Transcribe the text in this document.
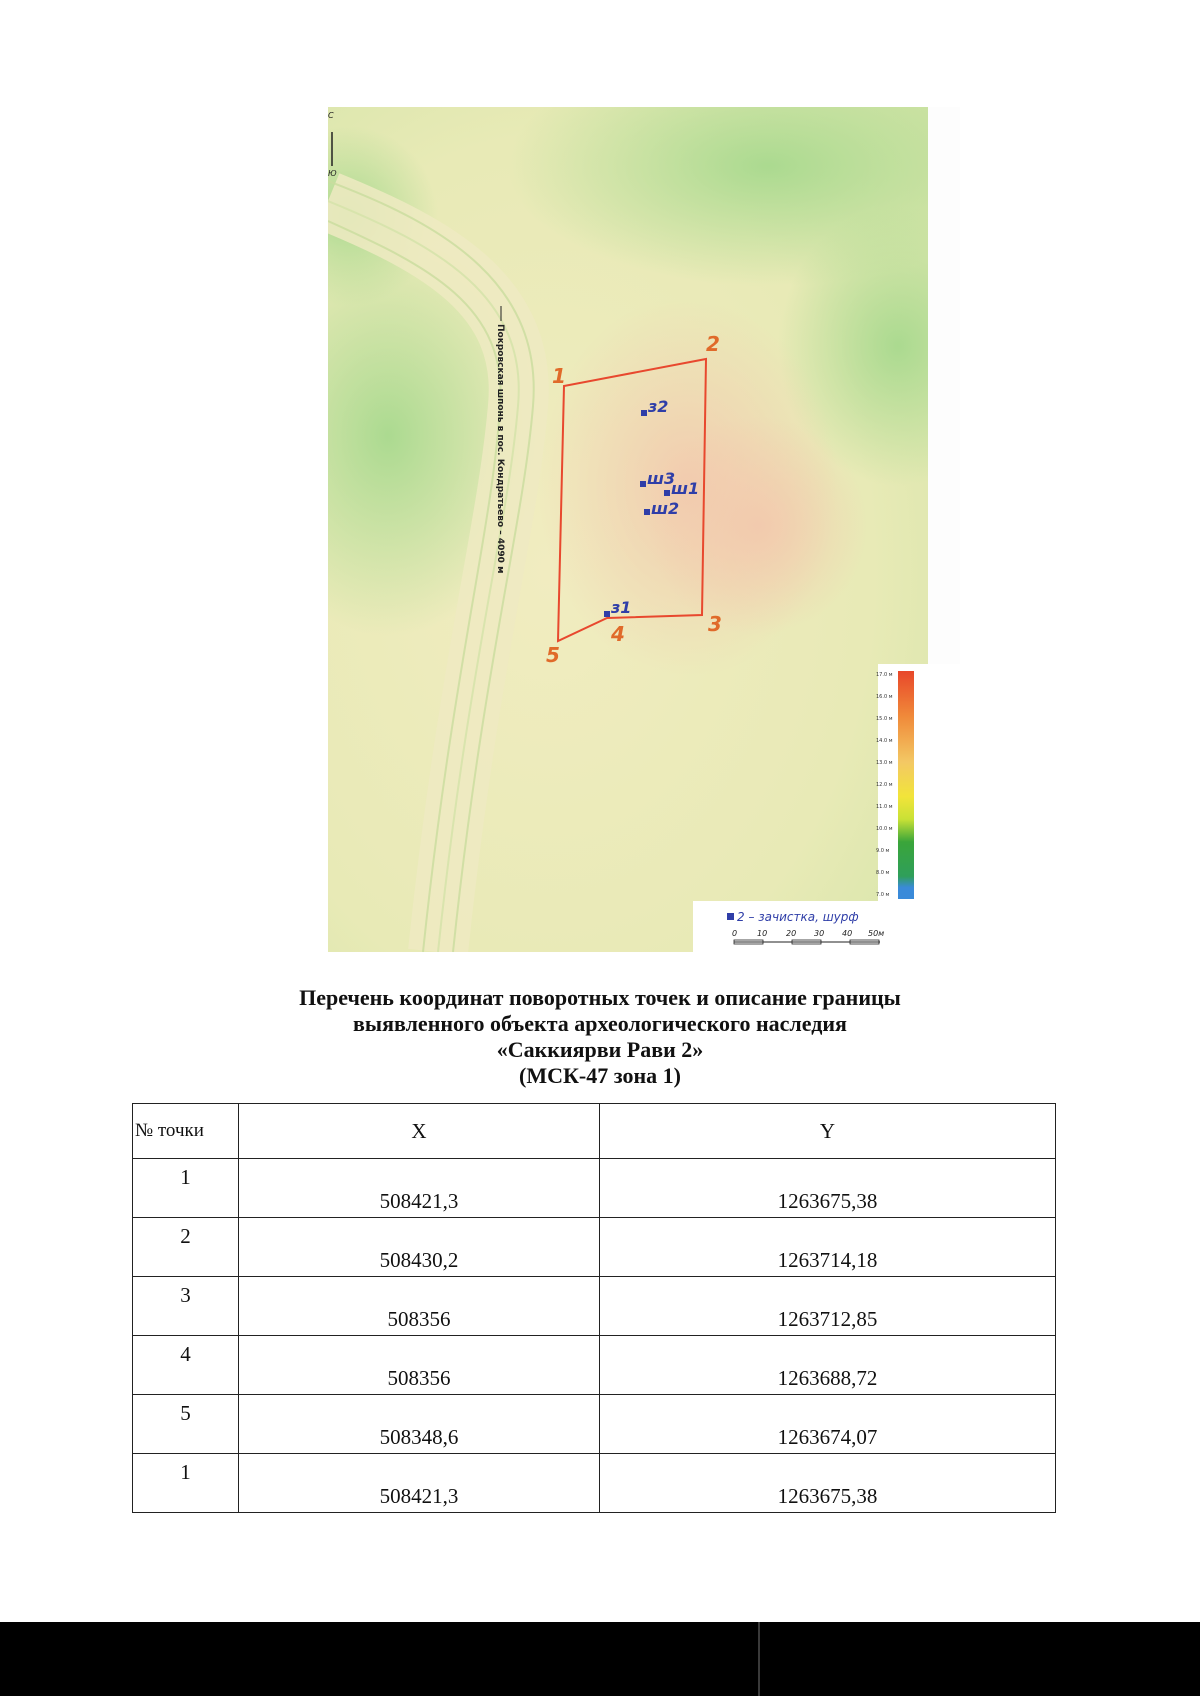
С
Ю
Покровская шпонь в пос. Кондратьево – 4090 м 1
2
3
4
5
з2
ш3
ш1
ш2
з1
17.0 м
16.0 м
15.0 м
14.0 м
13.0 м
12.0 м
11.0 м
10.0 м
9.0 м
8.0 м
7.0 м
2 – зачистка, шурф
0 10 20 30 40 50м
Перечень координат поворотных точек и описание границы
выявленного объекта археологического наследия
«Саккиярви Рави 2»
(МСК-47 зона 1)
№ точки	X	Y
1	508421,3	1263675,38
2	508430,2	1263714,18
3	508356	1263712,85
4	508356	1263688,72
5	508348,6	1263674,07
1	508421,3	1263675,38
